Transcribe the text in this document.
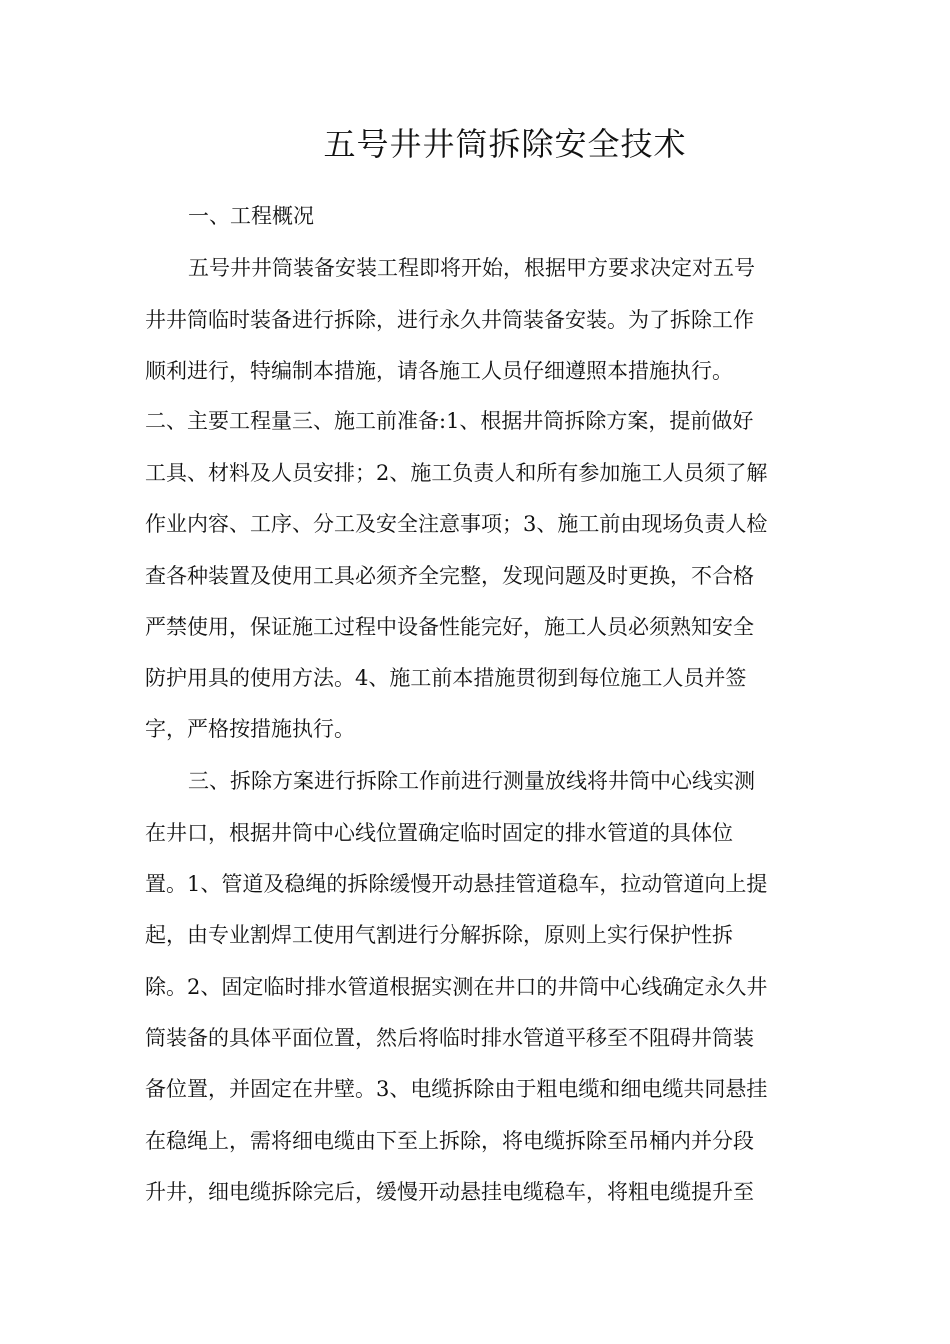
五号井井筒拆除安全技术
一、工程概况
五号井井筒装备安装工程即将开始，根据甲方要求决定对五号
井井筒临时装备进行拆除，进行永久井筒装备安装。为了拆除工作
顺利进行，特编制本措施，请各施工人员仔细遵照本措施执行。
二、主要工程量三、施工前准备:1、根据井筒拆除方案，提前做好
工具、材料及人员安排；2、施工负责人和所有参加施工人员须了解
作业内容、工序、分工及安全注意事项；3、施工前由现场负责人检
查各种装置及使用工具必须齐全完整，发现问题及时更换，不合格
严禁使用，保证施工过程中设备性能完好，施工人员必须熟知安全
防护用具的使用方法。4、施工前本措施贯彻到每位施工人员并签
字，严格按措施执行。
三、拆除方案进行拆除工作前进行测量放线将井筒中心线实测
在井口，根据井筒中心线位置确定临时固定的排水管道的具体位
置。1、管道及稳绳的拆除缓慢开动悬挂管道稳车，拉动管道向上提
起，由专业割焊工使用气割进行分解拆除，原则上实行保护性拆
除。2、固定临时排水管道根据实测在井口的井筒中心线确定永久井
筒装备的具体平面位置，然后将临时排水管道平移至不阻碍井筒装
备位置，并固定在井壁。3、电缆拆除由于粗电缆和细电缆共同悬挂
在稳绳上，需将细电缆由下至上拆除，将电缆拆除至吊桶内并分段
升井，细电缆拆除完后，缓慢开动悬挂电缆稳车，将粗电缆提升至
